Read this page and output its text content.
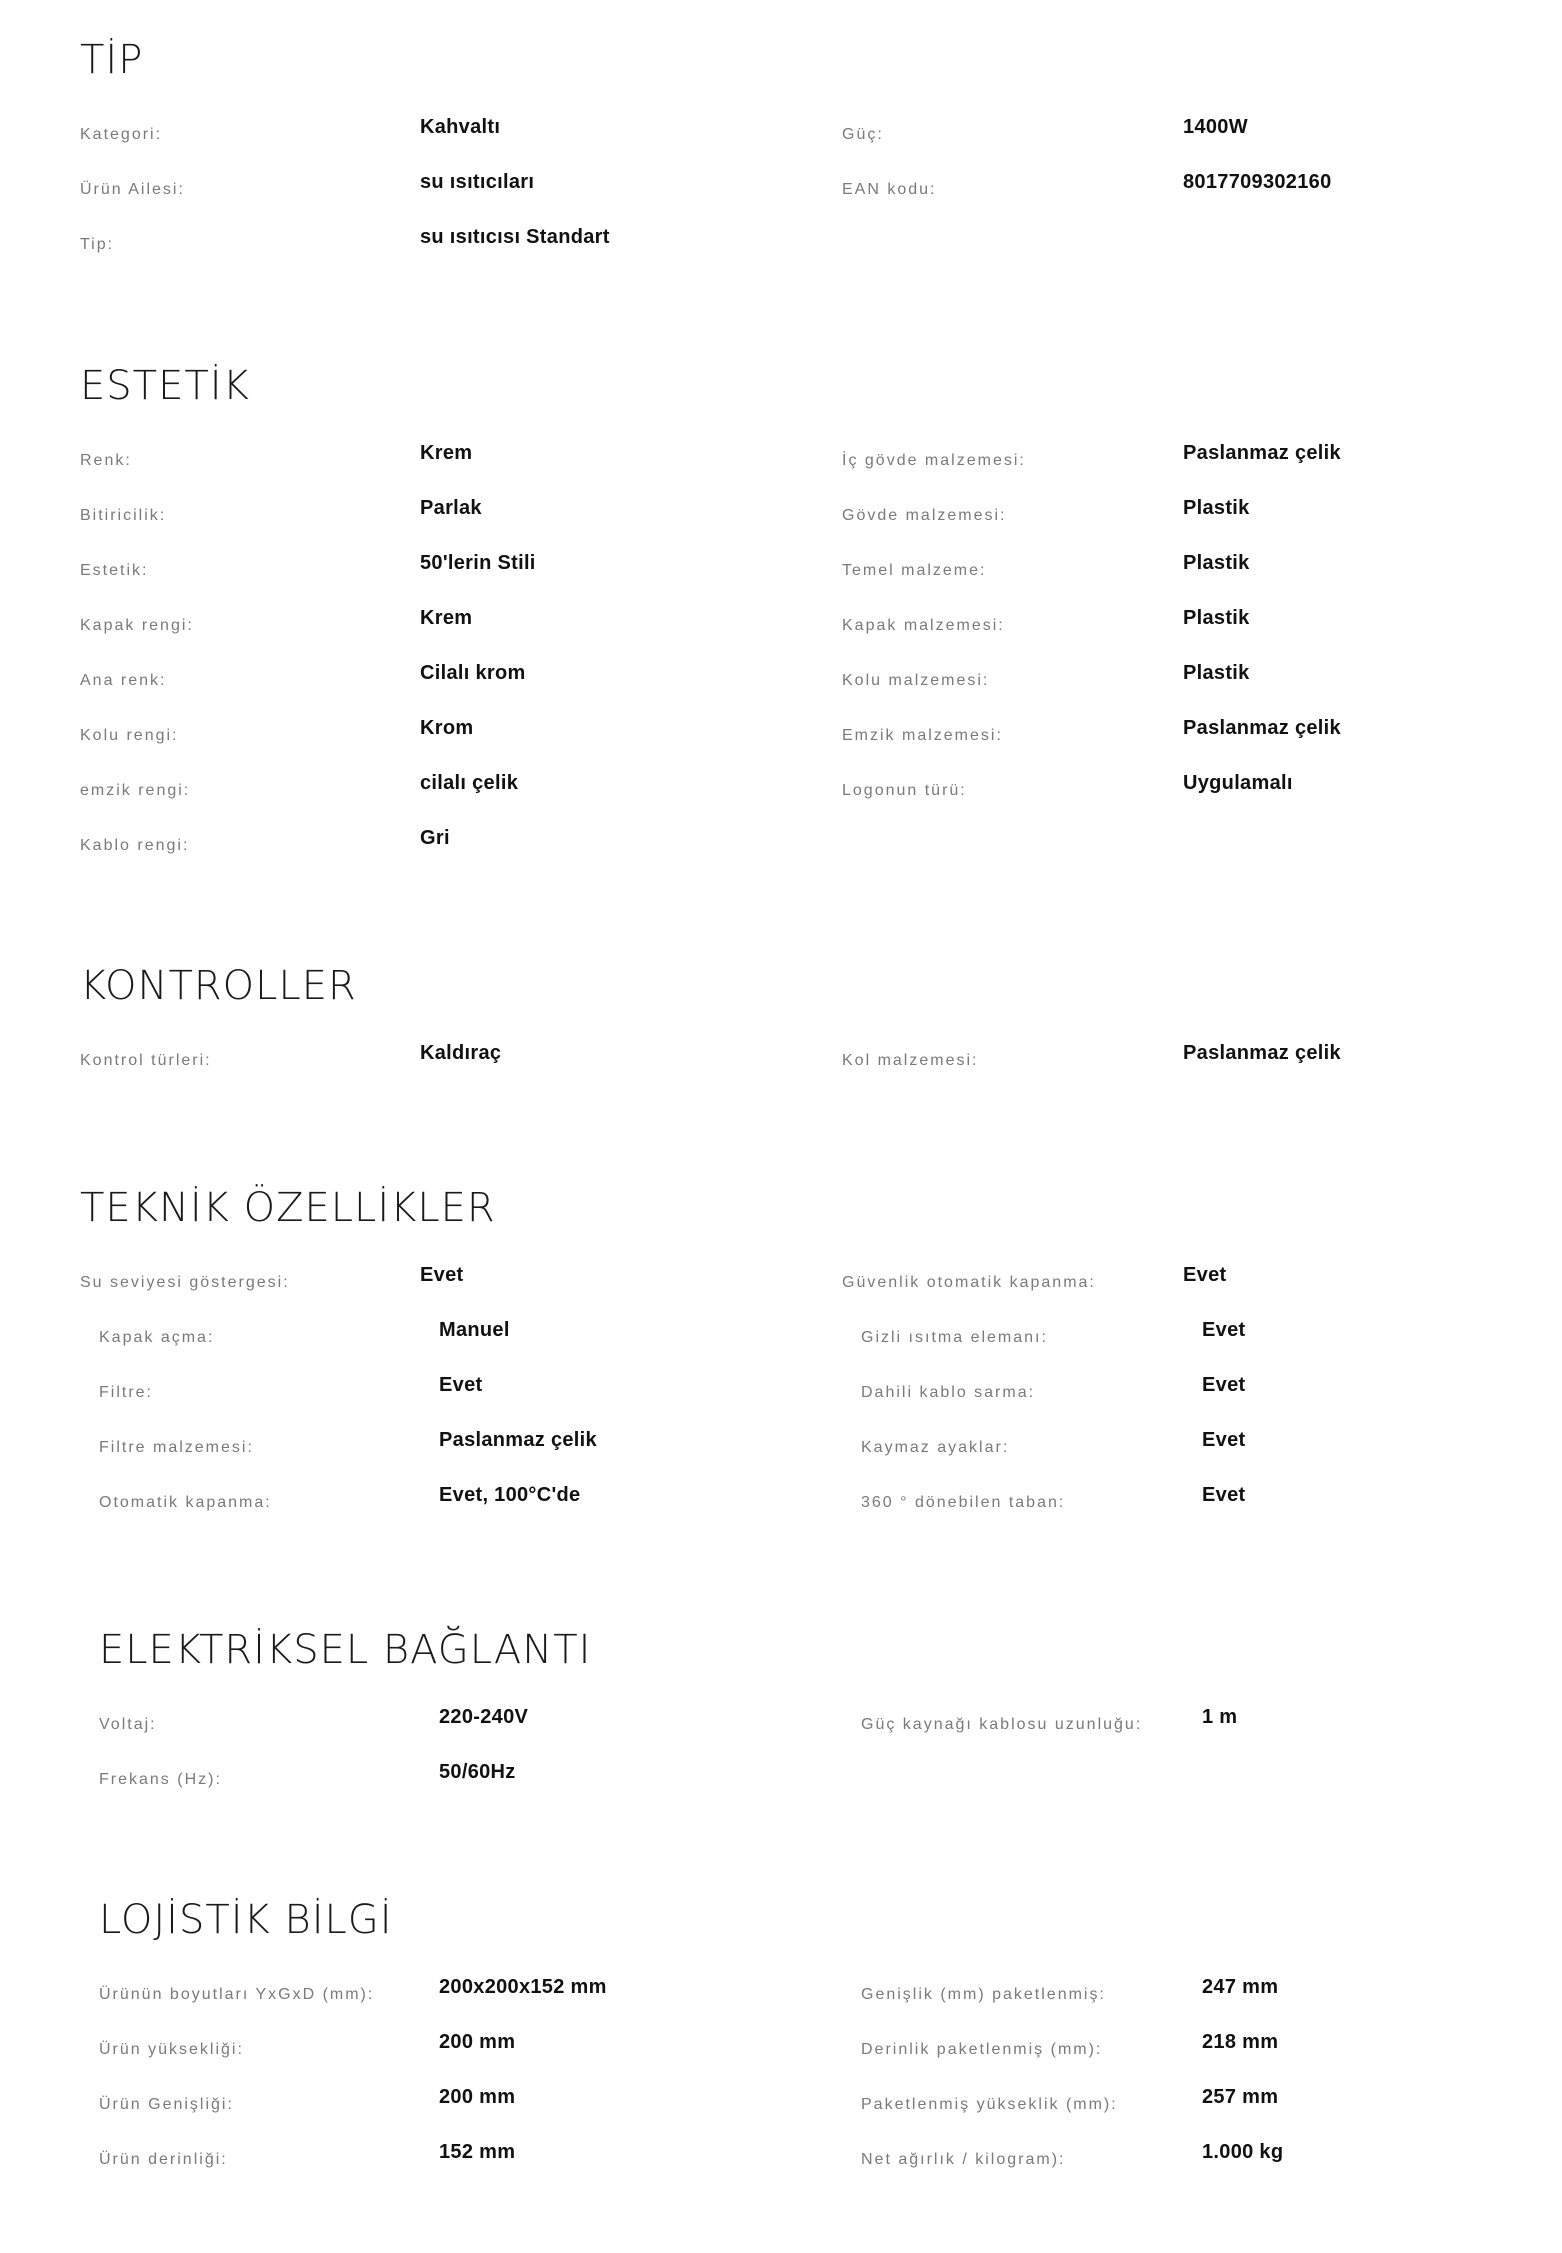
TİP
Kategori:	Kahvaltı	Güç:	1400W
Ürün Ailesi:	su ısıtıcıları	EAN kodu:	8017709302160
Tip:	su ısıtıcısı Standart
ESTETİK
Renk:	Krem	İç gövde malzemesi:	Paslanmaz çelik
Bitiricilik:	Parlak	Gövde malzemesi:	Plastik
Estetik:	50'lerin Stili	Temel malzeme:	Plastik
Kapak rengi:	Krem	Kapak malzemesi:	Plastik
Ana renk:	Cilalı krom	Kolu malzemesi:	Plastik
Kolu rengi:	Krom	Emzik malzemesi:	Paslanmaz çelik
emzik rengi:	cilalı çelik	Logonun türü:	Uygulamalı
Kablo rengi:	Gri
KONTROLLER
Kontrol türleri:	Kaldıraç	Kol malzemesi:	Paslanmaz çelik
TEKNİK ÖZELLİKLER
Su seviyesi göstergesi:	Evet	Güvenlik otomatik kapanma:	Evet
Kapak açma:	Manuel	Gizli ısıtma elemanı:	Evet
Filtre:	Evet	Dahili kablo sarma:	Evet
Filtre malzemesi:	Paslanmaz çelik	Kaymaz ayaklar:	Evet
Otomatik kapanma:	Evet, 100°C'de	360 ° dönebilen taban:	Evet
ELEKTRİKSEL BAĞLANTI
Voltaj:	220-240V	Güç kaynağı kablosu uzunluğu:	1 m
Frekans (Hz):	50/60Hz
LOJİSTİK BİLGİ
Ürünün boyutları YxGxD (mm):	200x200x152 mm	Genişlik (mm) paketlenmiş:	247 mm
Ürün yüksekliği:	200 mm	Derinlik paketlenmiş (mm):	218 mm
Ürün Genişliği:	200 mm	Paketlenmiş yükseklik (mm):	257 mm
Ürün derinliği:	152 mm	Net ağırlık / kilogram):	1.000 kg
